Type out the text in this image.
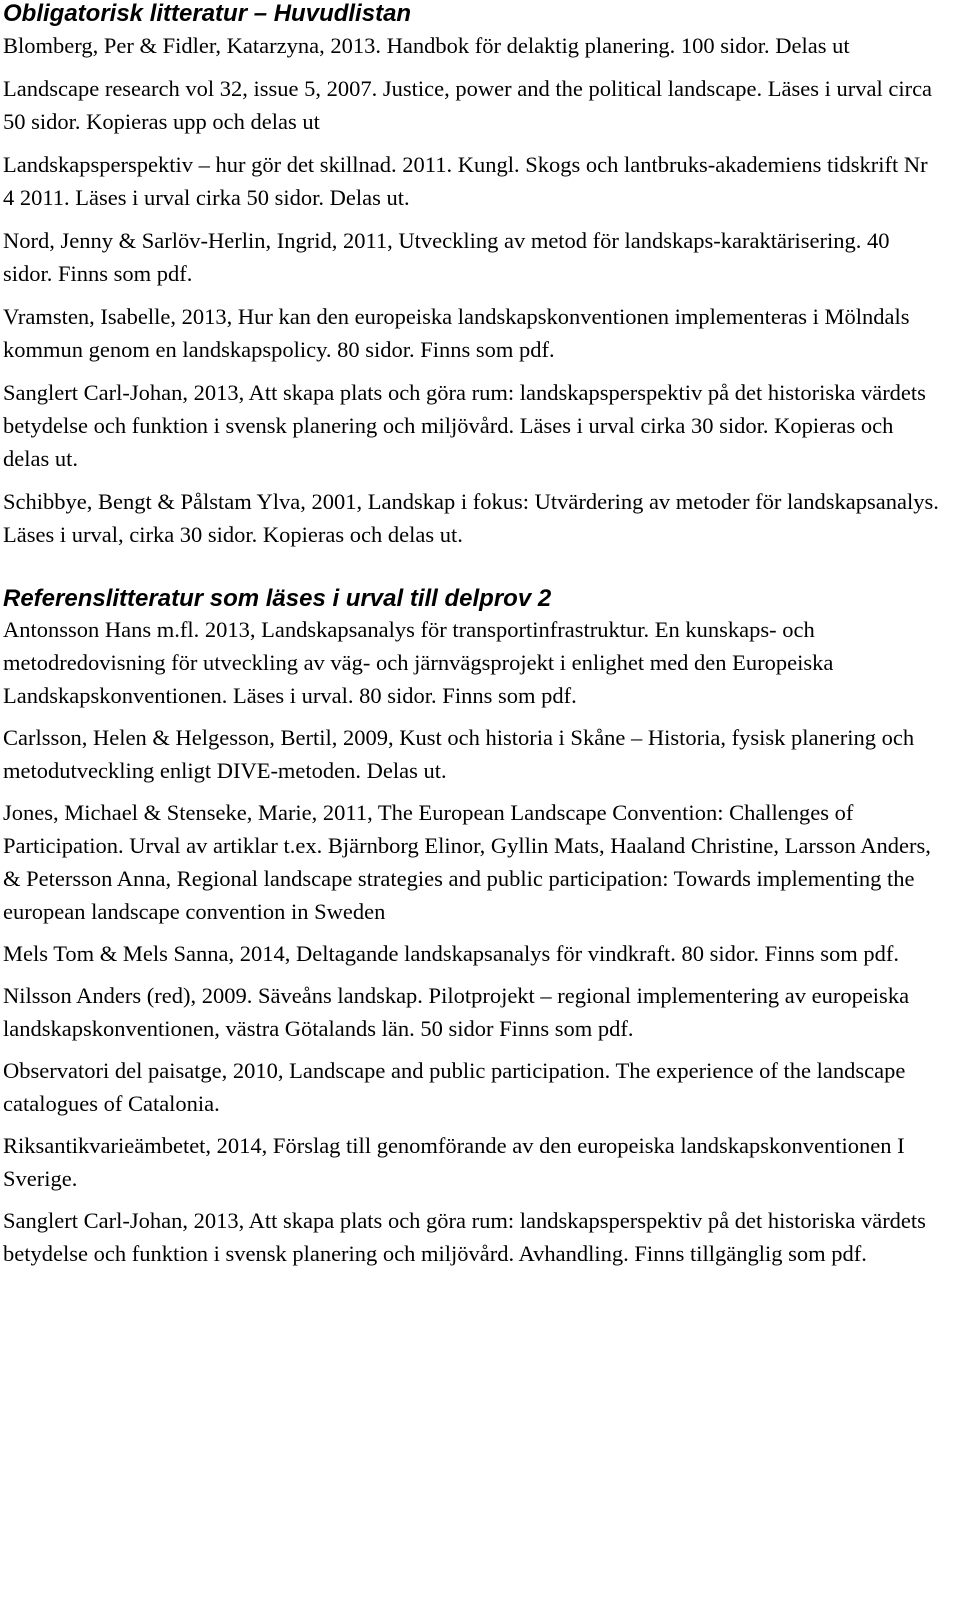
Obligatorisk litteratur – Huvudlistan

Blomberg, Per & Fidler, Katarzyna, 2013. Handbok för delaktig planering. 100 sidor. Delas ut

Landscape research vol 32, issue 5, 2007. Justice, power and the political landscape. Läses i urval circa 50 sidor. Kopieras upp och delas ut

Landskapsperspektiv – hur gör det skillnad. 2011. Kungl. Skogs och lantbruks-akademiens tidskrift Nr 4 2011. Läses i urval cirka 50 sidor. Delas ut.

Nord, Jenny & Sarlöv-Herlin, Ingrid, 2011, Utveckling av metod för landskaps-karaktärisering. 40 sidor. Finns som pdf.

Vramsten, Isabelle, 2013, Hur kan den europeiska landskapskonventionen implementeras i Mölndals kommun genom en landskapspolicy. 80 sidor. Finns som pdf.

Sanglert Carl-Johan, 2013, Att skapa plats och göra rum: landskapsperspektiv på det historiska värdets betydelse och funktion i svensk planering och miljövård. Läses i urval cirka 30 sidor. Kopieras och delas ut.

Schibbye, Bengt & Pålstam Ylva, 2001, Landskap i fokus: Utvärdering av metoder för landskapsanalys. Läses i urval, cirka 30 sidor. Kopieras och delas ut.

Referenslitteratur som läses i urval till delprov 2

Antonsson Hans m.fl. 2013, Landskapsanalys för transportinfrastruktur. En kunskaps- och metodredovisning för utveckling av väg- och järnvägsprojekt i enlighet med den Europeiska Landskapskonventionen. Läses i urval. 80 sidor. Finns som pdf.

Carlsson, Helen & Helgesson, Bertil, 2009, Kust och historia i Skåne – Historia, fysisk planering och metodutveckling enligt DIVE-metoden. Delas ut.

Jones, Michael & Stenseke, Marie, 2011, The European Landscape Convention: Challenges of Participation. Urval av artiklar t.ex. Bjärnborg Elinor, Gyllin Mats, Haaland Christine, Larsson Anders, & Petersson Anna, Regional landscape strategies and public participation: Towards implementing the european landscape convention in Sweden

Mels Tom & Mels Sanna, 2014, Deltagande landskapsanalys för vindkraft. 80 sidor. Finns som pdf.

Nilsson Anders (red), 2009. Säveåns landskap. Pilotprojekt – regional implementering av europeiska landskapskonventionen, västra Götalands län. 50 sidor Finns som pdf.

Observatori del paisatge, 2010, Landscape and public participation. The experience of the landscape catalogues of Catalonia.

Riksantikvarieämbetet, 2014, Förslag till genomförande av den europeiska landskapskonventionen I Sverige.

Sanglert Carl-Johan, 2013, Att skapa plats och göra rum: landskapsperspektiv på det historiska värdets betydelse och funktion i svensk planering och miljövård. Avhandling. Finns tillgänglig som pdf.
